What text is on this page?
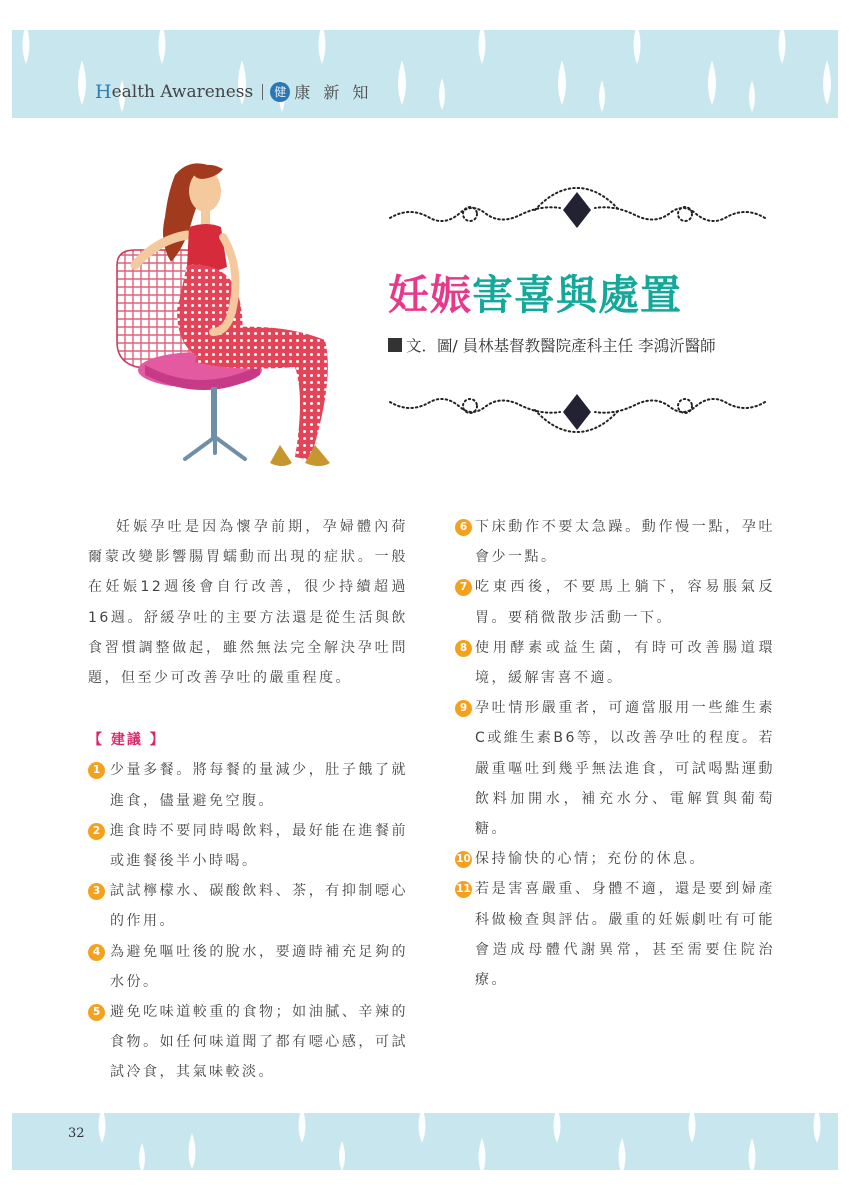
H ealth Awareness	健 康 新 知
妊娠害喜與處置
文．圖/ 員林基督教醫院產科主任 李鴻沂醫師

妊娠孕吐是因為懷孕前期，孕婦體內荷爾蒙改變影響腸胃蠕動而出現的症狀。一般在妊娠12週後會自行改善，很少持續超過16週。舒緩孕吐的主要方法還是從生活與飲食習慣調整做起，雖然無法完全解決孕吐問題，但至少可改善孕吐的嚴重程度。

【 建議 】

1 少量多餐。將每餐的量減少，肚子餓了就進食，儘量避免空腹。
2 進食時不要同時喝飲料，最好能在進餐前或進餐後半小時喝。
3 試試檸檬水、碳酸飲料、茶，有抑制噁心的作用。
4 為避免嘔吐後的脫水，要適時補充足夠的水份。
5 避免吃味道較重的食物；如油膩、辛辣的食物。如任何味道聞了都有噁心感，可試試冷食，其氣味較淡。
6 下床動作不要太急躁。動作慢一點，孕吐會少一點。
7 吃東西後，不要馬上躺下，容易脹氣反胃。要稍微散步活動一下。
8 使用酵素或益生菌，有時可改善腸道環境，緩解害喜不適。
9 孕吐情形嚴重者，可適當服用一些維生素C或維生素B6等，以改善孕吐的程度。若嚴重嘔吐到幾乎無法進食，可試喝點運動飲料加開水，補充水分、電解質與葡萄糖。
10 保持愉快的心情；充份的休息。
11 若是害喜嚴重、身體不適，還是要到婦產科做檢查與評估。嚴重的妊娠劇吐有可能會造成母體代謝異常，甚至需要住院治療。
32
